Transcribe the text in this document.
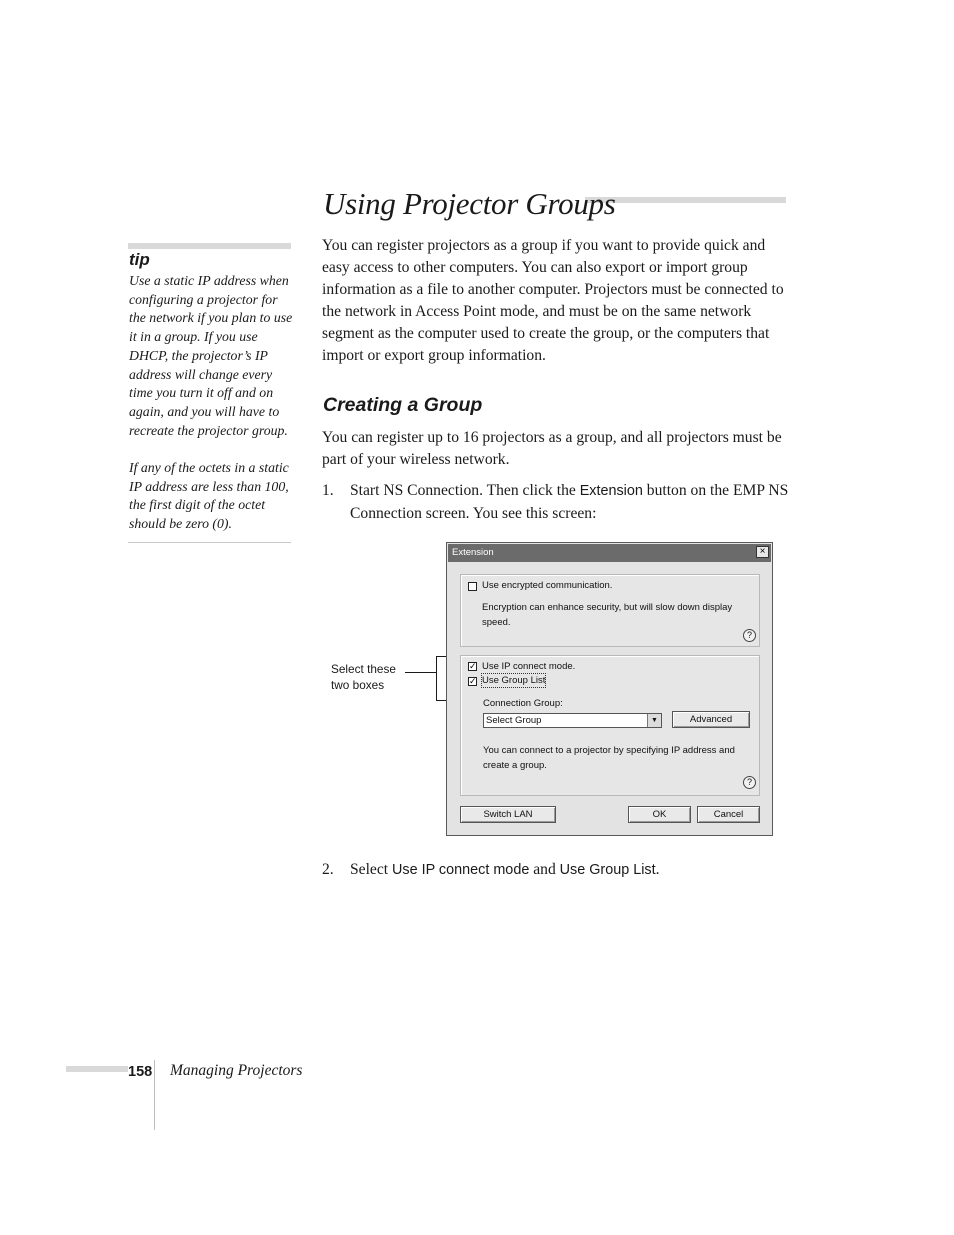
Using Projector Groups
tip

Use a static IP address when configuring a projector for the network if you plan to use it in a group. If you use DHCP, the projector’s IP address will change every time you turn it off and on again, and you will have to recreate the projector group.

If any of the octets in a static IP address are less than 100, the first digit of the octet should be zero (0).

You can register projectors as a group if you want to provide quick and easy access to other computers. You can also export or import group information as a file to another computer. Projectors must be connected to the network in Access Point mode, and must be on the same network segment as the computer used to create the group, or the computers that import or export group information.
Creating a Group
You can register up to 16 projectors as a group, and all projectors must be part of your wireless network.
1.	Start NS Connection. Then click the Extension button on the EMP NS Connection screen. You see this screen:
Select these
two boxes
Extension	×
Use encrypted communication.
Encryption can enhance security, but will slow down display
speed.
?
✓ Use IP connect mode.
✓ Use Group List
Connection Group:
Select Group	▼	Advanced
You can connect to a projector by specifying IP address and
create a group.
?
Switch LAN	OK	Cancel
2.	Select Use IP connect mode and Use Group List.
158 Managing Projectors
